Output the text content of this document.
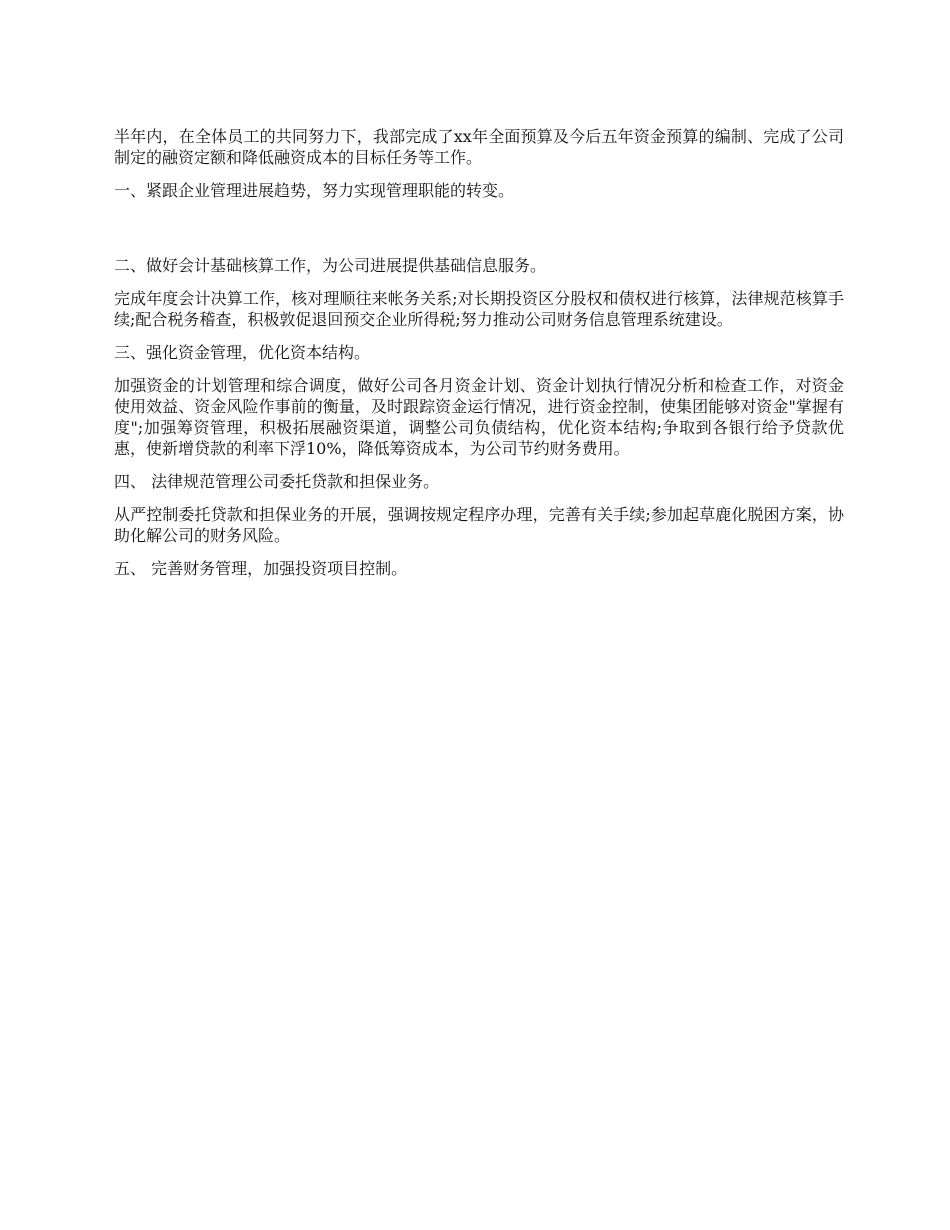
半年内，在全体员工的共同努力下，我部完成了xx年全面预算及今后五年资金预算的编制、完成了公司制定的融资定额和降低融资成本的目标任务等工作。

一、紧跟企业管理进展趋势，努力实现管理职能的转变。

二、做好会计基础核算工作，为公司进展提供基础信息服务。

完成年度会计决算工作，核对理顺往来帐务关系;对长期投资区分股权和债权进行核算，法律规范核算手续;配合税务稽查，积极敦促退回预交企业所得税;努力推动公司财务信息管理系统建设。

三、强化资金管理，优化资本结构。

加强资金的计划管理和综合调度，做好公司各月资金计划、资金计划执行情况分析和检查工作，对资金使用效益、资金风险作事前的衡量，及时跟踪资金运行情况，进行资金控制，使集团能够对资金"掌握有度";加强筹资管理，积极拓展融资渠道，调整公司负债结构，优化资本结构;争取到各银行给予贷款优惠，使新增贷款的利率下浮10%，降低筹资成本，为公司节约财务费用。

四、 法律规范管理公司委托贷款和担保业务。

从严控制委托贷款和担保业务的开展，强调按规定程序办理，完善有关手续;参加起草鹿化脱困方案，协助化解公司的财务风险。

五、 完善财务管理，加强投资项目控制。
